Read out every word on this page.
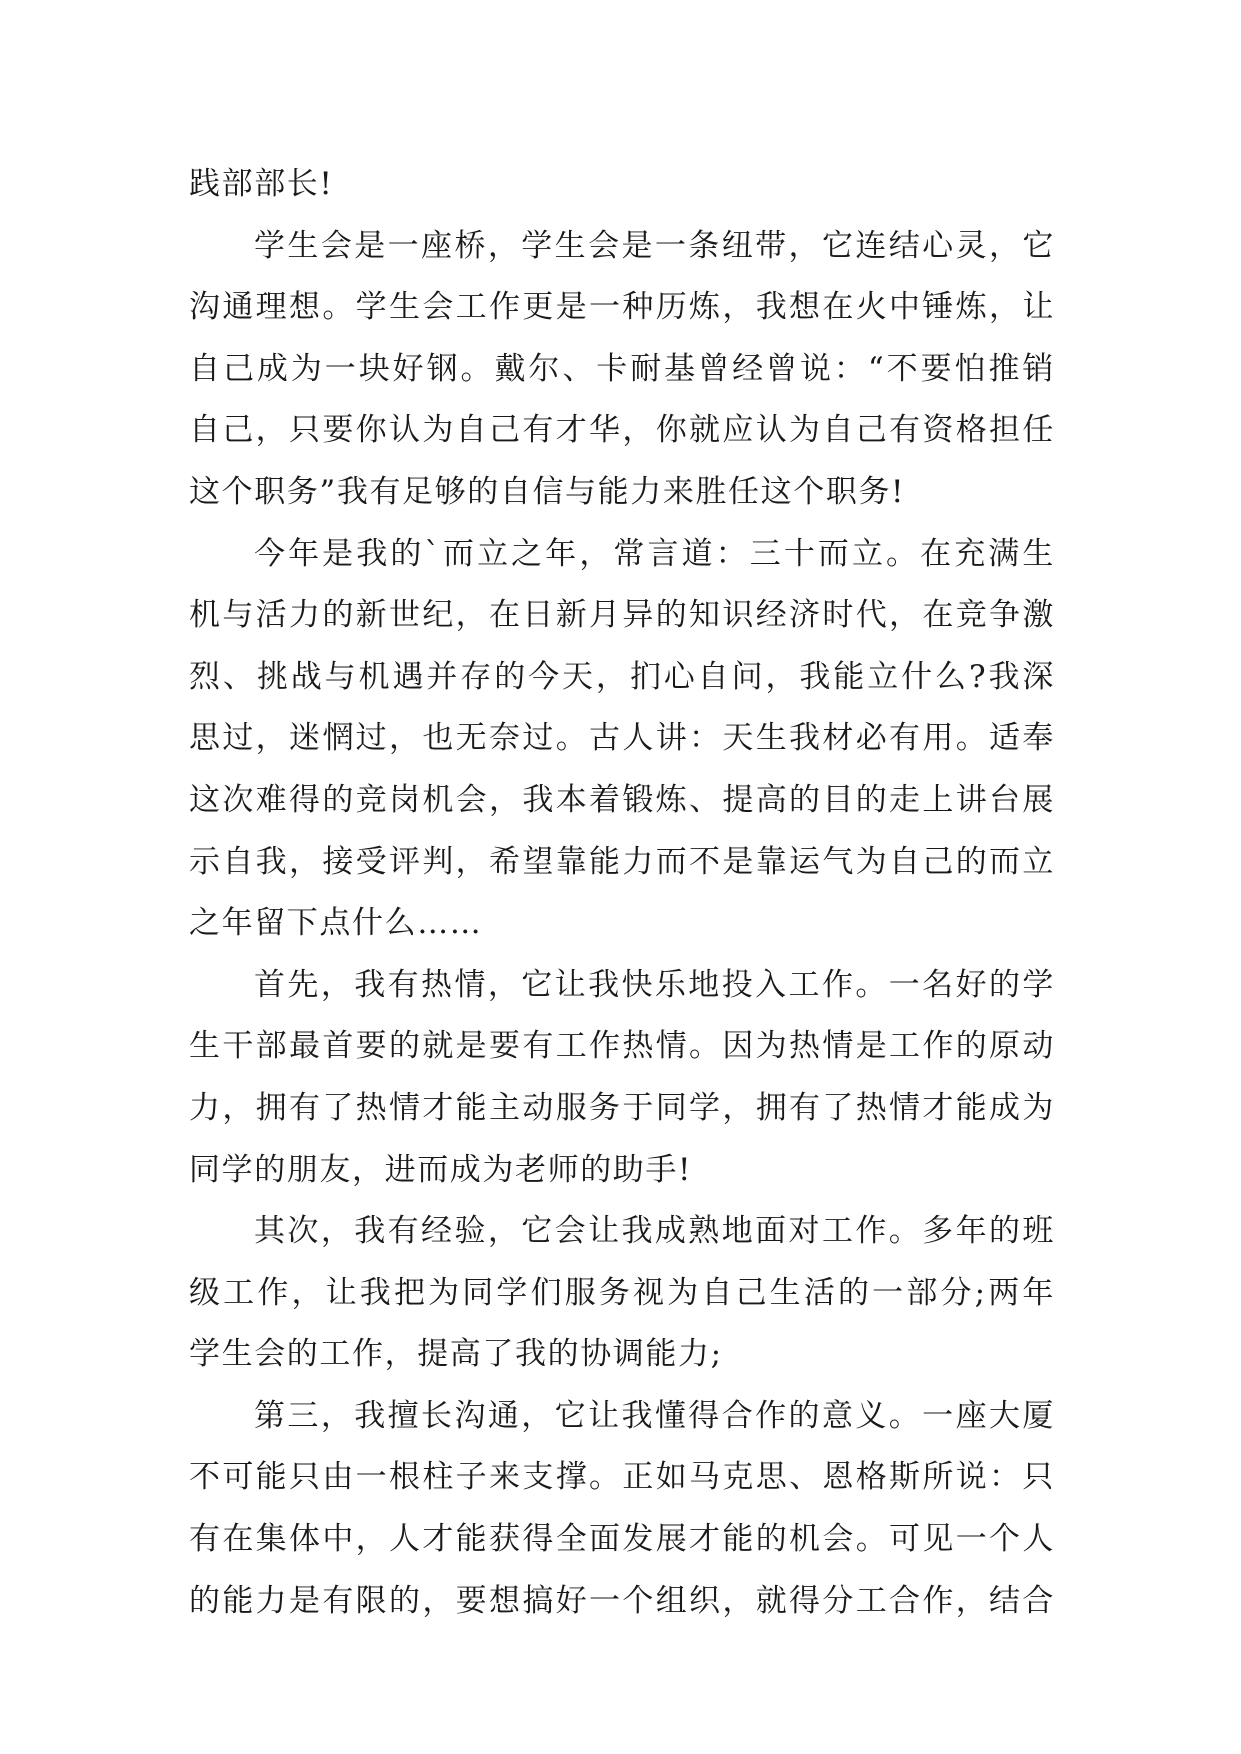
践部部长!
学生会是一座桥，学生会是一条纽带，它连结心灵，它
沟通理想。学生会工作更是一种历炼，我想在火中锤炼，让
自己成为一块好钢。戴尔、卡耐基曾经曾说：“不要怕推销
自己，只要你认为自己有才华，你就应认为自己有资格担任
这个职务”我有足够的自信与能力来胜任这个职务!
今年是我的`而立之年，常言道：三十而立。在充满生
机与活力的新世纪，在日新月异的知识经济时代，在竞争激
烈、挑战与机遇并存的今天，扪心自问，我能立什么?我深
思过，迷惘过，也无奈过。古人讲：天生我材必有用。适奉
这次难得的竞岗机会，我本着锻炼、提高的目的走上讲台展
示自我，接受评判，希望靠能力而不是靠运气为自己的而立
之年留下点什么……
首先，我有热情，它让我快乐地投入工作。一名好的学
生干部最首要的就是要有工作热情。因为热情是工作的原动
力，拥有了热情才能主动服务于同学，拥有了热情才能成为
同学的朋友，进而成为老师的助手!
其次，我有经验，它会让我成熟地面对工作。多年的班
级工作，让我把为同学们服务视为自己生活的一部分;两年
学生会的工作，提高了我的协调能力;
第三，我擅长沟通，它让我懂得合作的意义。一座大厦
不可能只由一根柱子来支撑。正如马克思、恩格斯所说：只
有在集体中，人才能获得全面发展才能的机会。可见一个人
的能力是有限的，要想搞好一个组织，就得分工合作，结合
